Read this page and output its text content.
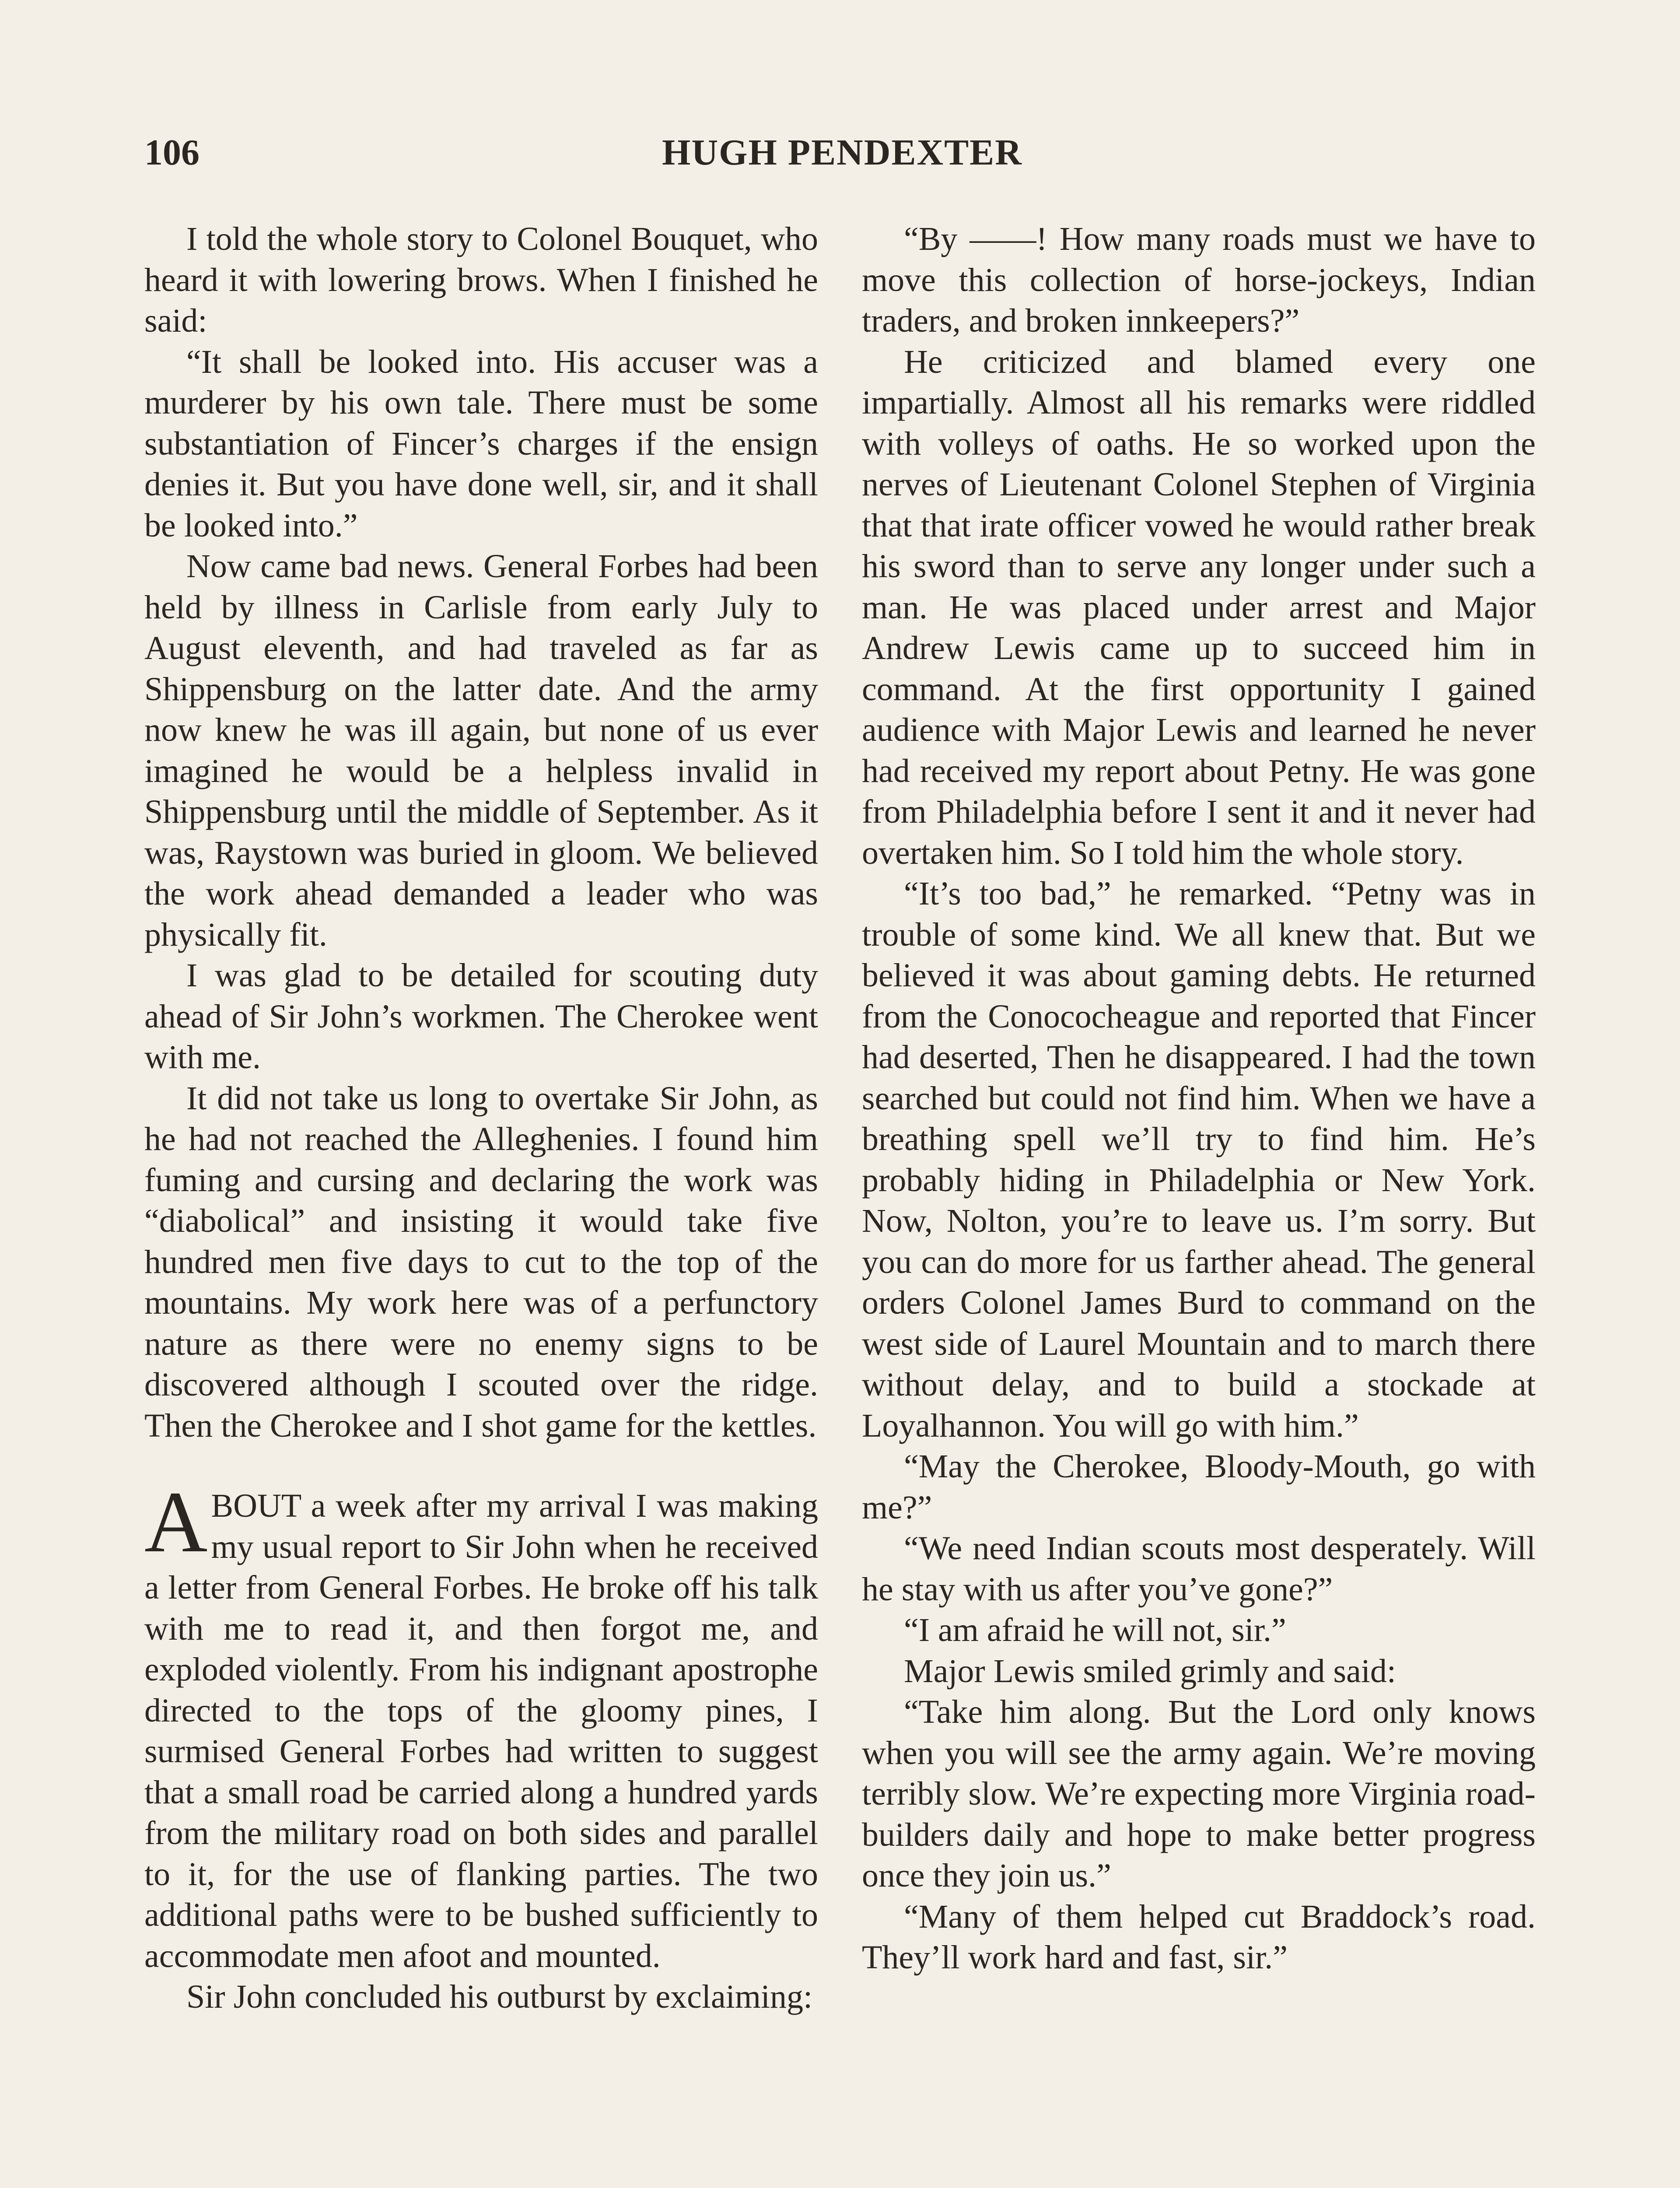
106	HUGH PENDEXTER

I told the whole story to Colonel Bouquet, who heard it with lowering brows. When I finished he said:

“It shall be looked into. His accuser was a murderer by his own tale. There must be some substantiation of Fincer’s charges if the ensign denies it. But you have done well, sir, and it shall be looked into.”

Now came bad news. General Forbes had been held by illness in Carlisle from early July to August eleventh, and had traveled as far as Shippensburg on the latter date. And the army now knew he was ill again, but none of us ever imagined he would be a helpless invalid in Shippensburg until the middle of September. As it was, Raystown was buried in gloom. We believed the work ahead demanded a leader who was physically fit.

I was glad to be detailed for scouting duty ahead of Sir John’s workmen. The Cherokee went with me.

It did not take us long to overtake Sir John, as he had not reached the Alleghenies. I found him fuming and cursing and declaring the work was “diabolical” and insisting it would take five hundred men five days to cut to the top of the mountains. My work here was of a perfunctory nature as there were no enemy signs to be discovered although I scouted over the ridge. Then the Cherokee and I shot game for the kettles.

ABOUT a week after my arrival I was making my usual report to Sir John when he received a letter from General Forbes. He broke off his talk with me to read it, and then forgot me, and exploded violently. From his indignant apostrophe directed to the tops of the gloomy pines, I surmised General Forbes had written to suggest that a small road be carried along a hundred yards from the military road on both sides and parallel to it, for the use of flanking parties. The two additional paths were to be bushed sufficiently to accommodate men afoot and mounted.

Sir John concluded his outburst by exclaiming:

“By ——! How many roads must we have to move this collection of horse-jockeys, Indian traders, and broken innkeepers?”

He criticized and blamed every one impartially. Almost all his remarks were riddled with volleys of oaths. He so worked upon the nerves of Lieutenant Colonel Stephen of Virginia that that irate officer vowed he would rather break his sword than to serve any longer under such a man. He was placed under arrest and Major Andrew Lewis came up to succeed him in command. At the first opportunity I gained audience with Major Lewis and learned he never had received my report about Petny. He was gone from Philadelphia before I sent it and it never had overtaken him. So I told him the whole story.

“It’s too bad,” he remarked. “Petny was in trouble of some kind. We all knew that. But we believed it was about gaming debts. He returned from the Conococheague and reported that Fincer had deserted, Then he disappeared. I had the town searched but could not find him. When we have a breathing spell we’ll try to find him. He’s probably hiding in Philadelphia or New York. Now, Nolton, you’re to leave us. I’m sorry. But you can do more for us farther ahead. The general orders Colonel James Burd to command on the west side of Laurel Mountain and to march there without delay, and to build a stockade at Loyalhannon. You will go with him.”

“May the Cherokee, Bloody-Mouth, go with me?”

“We need Indian scouts most desperately. Will he stay with us after you’ve gone?”

“I am afraid he will not, sir.”

Major Lewis smiled grimly and said:

“Take him along. But the Lord only knows when you will see the army again. We’re moving terribly slow. We’re expecting more Virginia road-builders daily and hope to make better progress once they join us.”

“Many of them helped cut Braddock’s road. They’ll work hard and fast, sir.”
